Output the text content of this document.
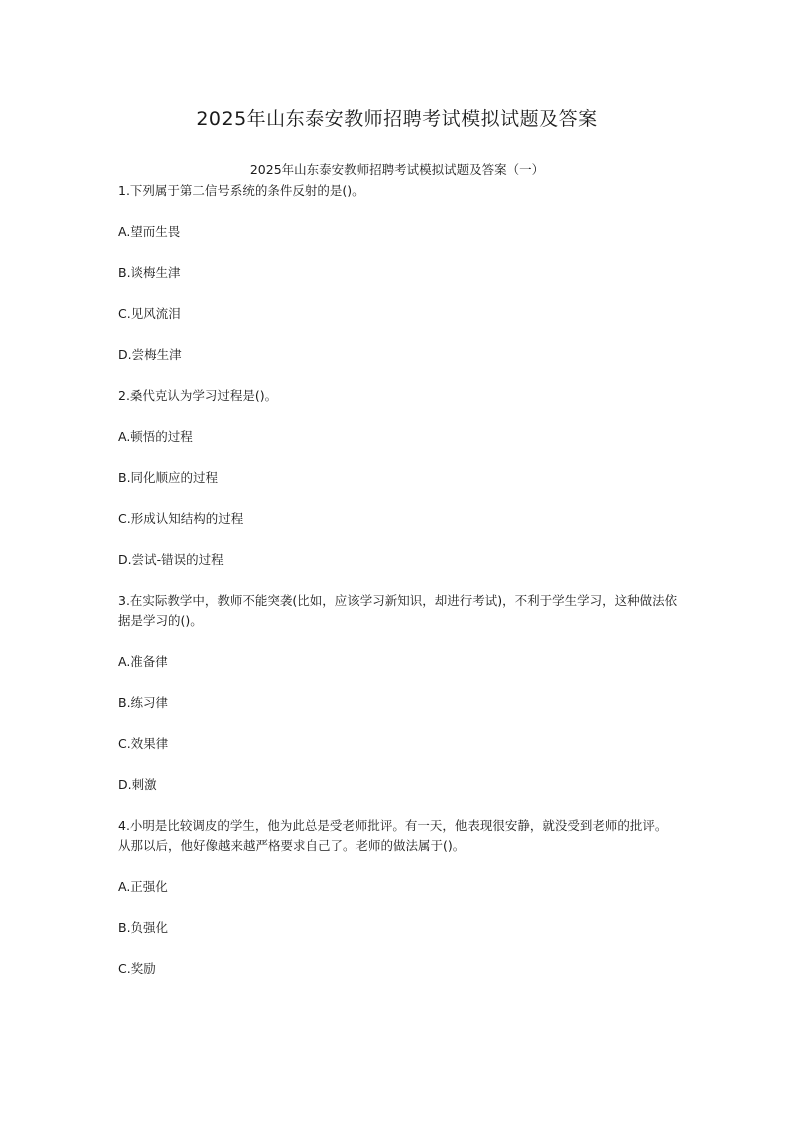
2025年山东泰安教师招聘考试模拟试题及答案
2025年山东泰安教师招聘考试模拟试题及答案（一）

1.下列属于第二信号系统的条件反射的是()。

A.望而生畏

B.谈梅生津

C.见风流泪

D.尝梅生津

2.桑代克认为学习过程是()。

A.顿悟的过程

B.同化顺应的过程

C.形成认知结构的过程

D.尝试-错误的过程

3.在实际教学中，教师不能突袭(比如，应该学习新知识，却进行考试)，不利于学生学习，这种做法依据是学习的()。

A.准备律

B.练习律

C.效果律

D.刺激

4.小明是比较调皮的学生，他为此总是受老师批评。有一天，他表现很安静，就没受到老师的批评。从那以后，他好像越来越严格要求自己了。老师的做法属于()。

A.正强化

B.负强化

C.奖励
